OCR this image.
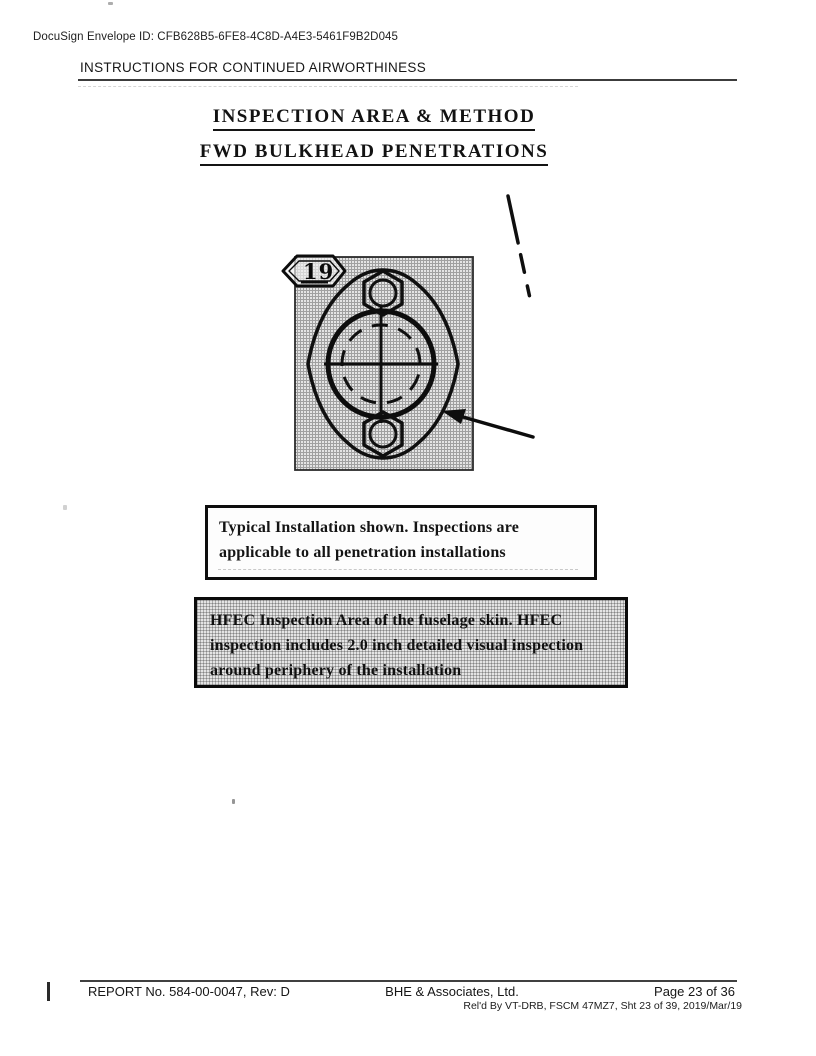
DocuSign Envelope ID: CFB628B5-6FE8-4C8D-A4E3-5461F9B2D045
INSTRUCTIONS FOR CONTINUED AIRWORTHINESS
INSPECTION AREA & METHOD
FWD BULKHEAD PENETRATIONS
19
Typical Installation shown. Inspections are
applicable to all penetration installations
HFEC Inspection Area of the fuselage skin. HFEC
inspection includes 2.0 inch detailed visual inspection
around periphery of the installation
REPORT No. 584-00-0047, Rev: D	BHE & Associates, Ltd.	Page 23 of 36
Rel'd By VT-DRB, FSCM 47MZ7, Sht 23 of 39, 2019/Mar/19
